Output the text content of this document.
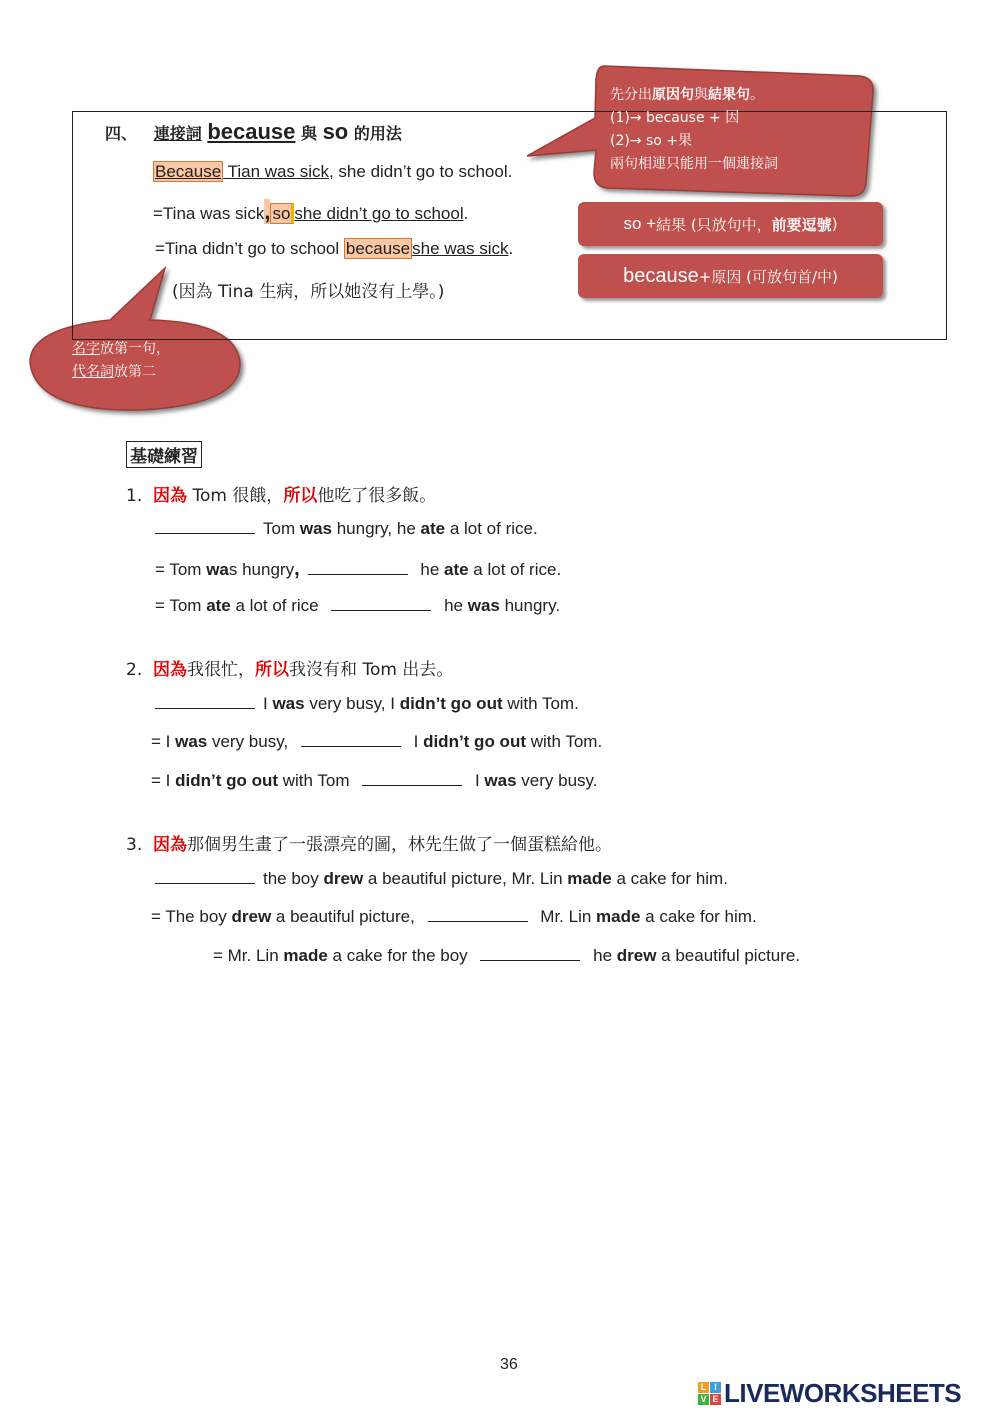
四、 連接詞 because 與 so 的用法
Because Tian was sick, she didn’t go to school.
=Tina was sick, so she didn’t go to school.
=Tina didn’t go to school because she was sick.
(因為 Tina 生病，所以她沒有上學。)
先分出原因句與結果句。
(1)→ because + 因
(2)→ so +果
兩句相連只能用一個連接詞
名字放第一句，
代名詞放第二
so + 結果 (只放句中， 前要逗號 )
because +原因 (可放句首/中)
基礎練習
1. 因為 Tom 很餓，所以他吃了很多飯。
Tom was hungry, he ate a lot of rice.
= Tom was hungry,	he ate a lot of rice.
= Tom ate a lot of rice	he was hungry.
2. 因為我很忙，所以我沒有和 Tom 出去。
I was very busy, I didn’t go out with Tom.
= I was very busy,	I didn’t go out with Tom.
= I didn’t go out with Tom	I was very busy.
3. 因為那個男生畫了一張漂亮的圖，林先生做了一個蛋糕給他。
the boy drew a beautiful picture, Mr. Lin made a cake for him.
= The boy drew a beautiful picture,	Mr. Lin made a cake for him.
= Mr. Lin made a cake for the boy	he drew a beautiful picture.
36
L I
V E LIVEWORKSHEETS
